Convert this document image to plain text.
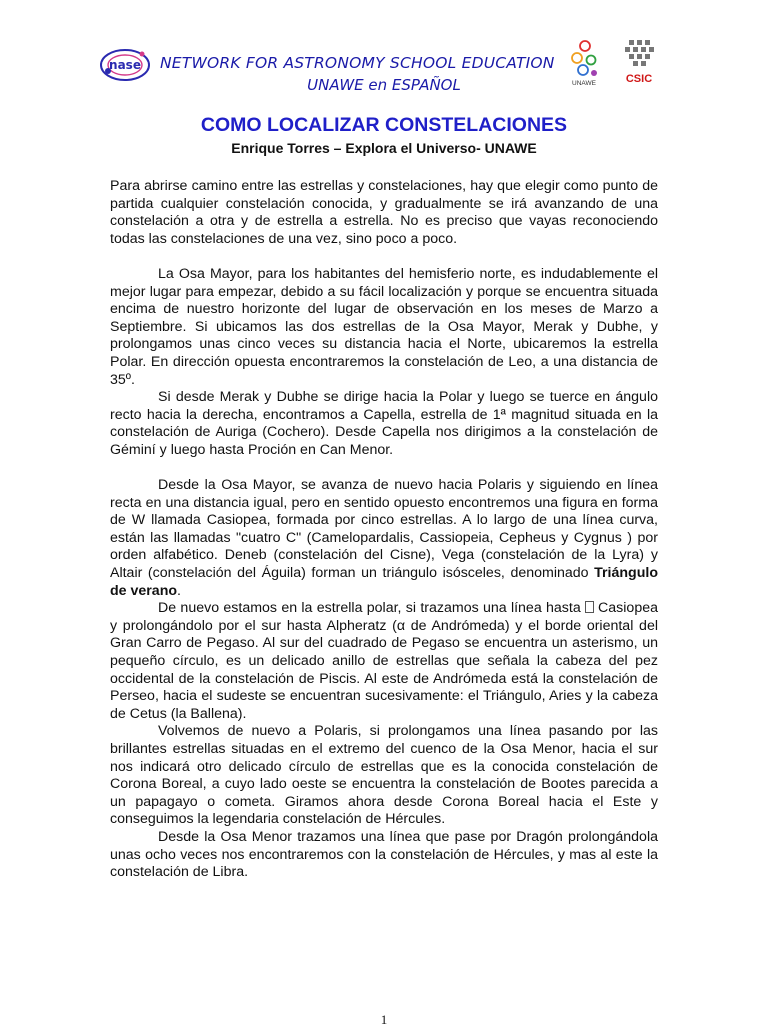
nase NETWORK FOR ASTRONOMY SCHOOL EDUCATION
UNAWE en ESPAÑOL	UNAWE	CSIC
COMO LOCALIZAR CONSTELACIONES
Enrique Torres – Explora el Universo- UNAWE

Para abrirse camino entre las estrellas y constelaciones, hay que elegir como punto de partida cualquier constelación conocida, y gradualmente se irá avanzando de una constelación a otra y de estrella a estrella. No es preciso que vayas reconociendo todas las constelaciones de una vez, sino poco a poco.

La Osa Mayor, para los habitantes del hemisferio norte, es indudablemente el mejor lugar para empezar, debido a su fácil localización y porque se encuentra situada encima de nuestro horizonte del lugar de observación en los meses de Marzo a Septiembre. Si ubicamos las dos estrellas de la Osa Mayor, Merak y Dubhe, y prolongamos unas cinco veces su distancia hacia el Norte, ubicaremos la estrella Polar. En dirección opuesta encontraremos la constelación de Leo, a una distancia de 35º.

Si desde Merak y Dubhe se dirige hacia la Polar y luego se tuerce en ángulo recto hacia la derecha, encontramos a Capella, estrella de 1ª magnitud situada en la constelación de Auriga (Cochero). Desde Capella nos dirigimos a la constelación de Géminí y luego hasta Proción en Can Menor.

Desde la Osa Mayor, se avanza de nuevo hacia Polaris y siguiendo en línea recta en una distancia igual, pero en sentido opuesto encontremos una figura en forma de W llamada Casiopea, formada por cinco estrellas. A lo largo de una línea curva, están las llamadas "cuatro C" (Camelopardalis, Cassiopeia, Cepheus y Cygnus ) por orden alfabético. Deneb (constelación del Cisne), Vega (constelación de la Lyra) y Altair (constelación del Águila) forman un triángulo isósceles, denominado Triángulo de verano.

De nuevo estamos en la estrella polar, si trazamos una línea hasta Casiopea y prolongándolo por el sur hasta Alpheratz (α de Andrómeda) y el borde oriental del Gran Carro de Pegaso. Al sur del cuadrado de Pegaso se encuentra un asterismo, un pequeño círculo, es un delicado anillo de estrellas que señala la cabeza del pez occidental de la constelación de Piscis. Al este de Andrómeda está la constelación de Perseo, hacia el sudeste se encuentran sucesivamente: el Triángulo, Aries y la cabeza de Cetus (la Ballena).

Volvemos de nuevo a Polaris, si prolongamos una línea pasando por las brillantes estrellas situadas en el extremo del cuenco de la Osa Menor, hacia el sur nos indicará otro delicado círculo de estrellas que es la conocida constelación de Corona Boreal, a cuyo lado oeste se encuentra la constelación de Bootes parecida a un papagayo o cometa. Giramos ahora desde Corona Boreal hacia el Este y conseguimos la legendaria constelación de Hércules.

Desde la Osa Menor trazamos una línea que pase por Dragón prolongándola unas ocho veces nos encontraremos con la constelación de Hércules, y mas al este la constelación de Libra.

1
